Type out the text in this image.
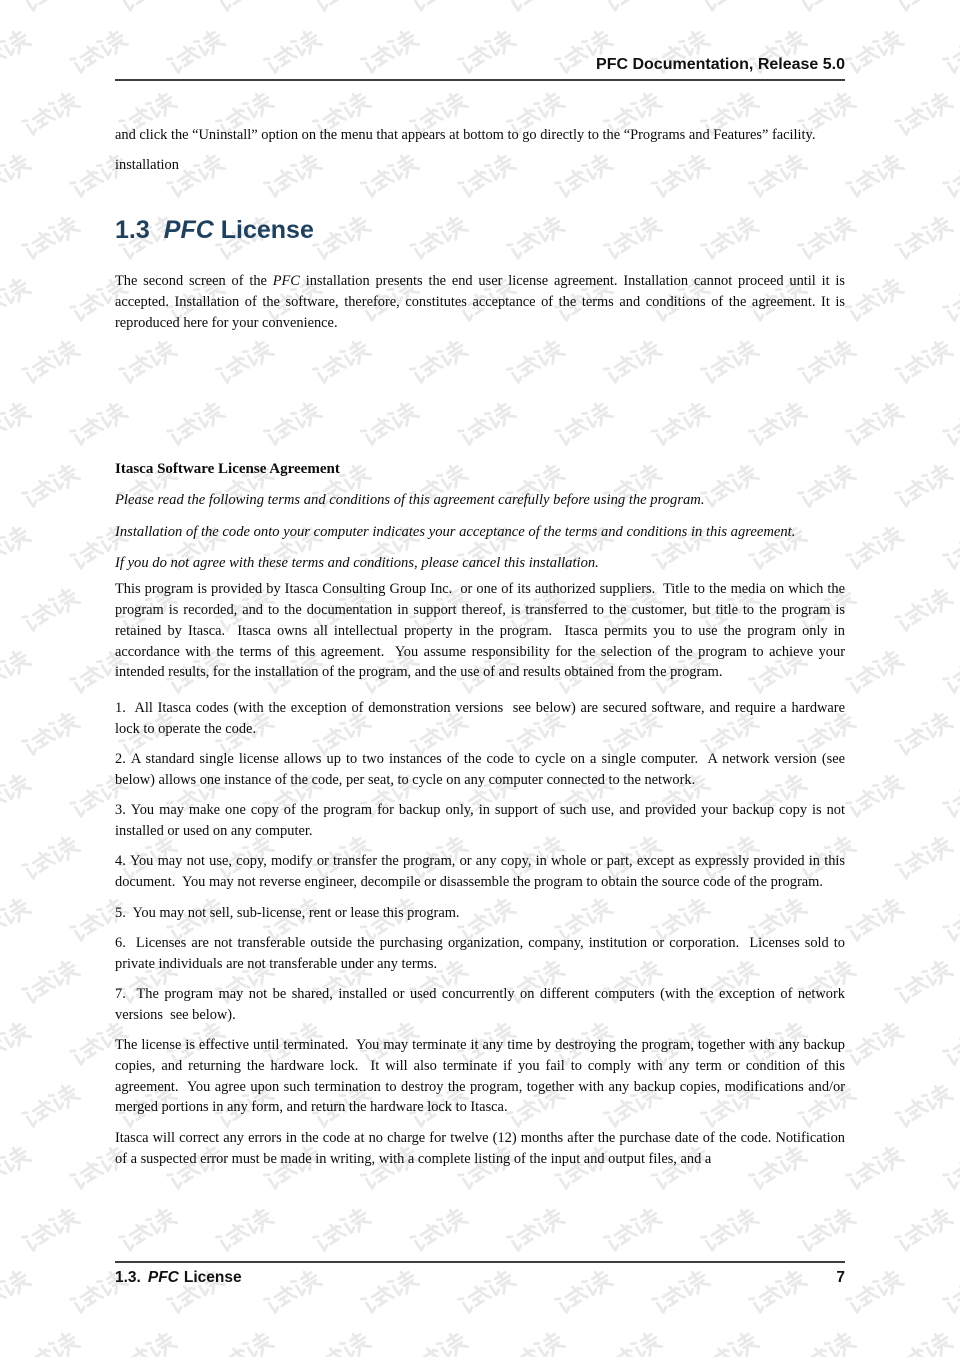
PFC Documentation, Release 5.0

and click the “Uninstall” option on the menu that appears at bottom to go directly to the “Programs and Features” facility.

installation

1.3 PFC License

The second screen of the PFC installation presents the end user license agreement. Installation cannot proceed until it is accepted. Installation of the software, therefore, constitutes acceptance of the terms and conditions of the agreement. It is reproduced here for your convenience.

Itasca Software License Agreement

Please read the following terms and conditions of this agreement carefully before using the program.

Installation of the code onto your computer indicates your acceptance of the terms and conditions in this agreement.

If you do not agree with these terms and conditions, please cancel this installation.

This program is provided by Itasca Consulting Group Inc.  or one of its authorized suppliers.  Title to the media on which the program is recorded, and to the documentation in support thereof, is transferred to the customer, but title to the program is retained by Itasca.  Itasca owns all intellectual property in the program.  Itasca permits you to use the program only in accordance with the terms of this agreement.  You assume responsibility for the selection of the program to achieve your intended results, for the installation of the program, and the use of and results obtained from the program.

1.  All Itasca codes (with the exception of demonstration versions  see below) are secured software, and require a hardware lock to operate the code.

2. A standard single license allows up to two instances of the code to cycle on a single computer.  A network version (see below) allows one instance of the code, per seat, to cycle on any computer connected to the network.

3. You may make one copy of the program for backup only, in support of such use, and provided your backup copy is not installed or used on any computer.

4. You may not use, copy, modify or transfer the program, or any copy, in whole or part, except as expressly provided in this document.  You may not reverse engineer, decompile or disassemble the program to obtain the source code of the program.

5.  You may not sell, sub-license, rent or lease this program.

6.  Licenses are not transferable outside the purchasing organization, company, institution or corporation.  Licenses sold to private individuals are not transferable under any terms.

7.  The program may not be shared, installed or used concurrently on different computers (with the exception of network versions  see below).

The license is effective until terminated.  You may terminate it any time by destroying the program, together with any backup copies, and returning the hardware lock.  It will also terminate if you fail to comply with any term or condition of this agreement.  You agree upon such termination to destroy the program, together with any backup copies, modifications and/or merged portions in any form, and return the hardware lock to Itasca.

Itasca will correct any errors in the code at no charge for twelve (12) months after the purchase date of the code. Notification of a suspected error must be made in writing, with a complete listing of the input and output files, and a

1.3. PFC License	7
